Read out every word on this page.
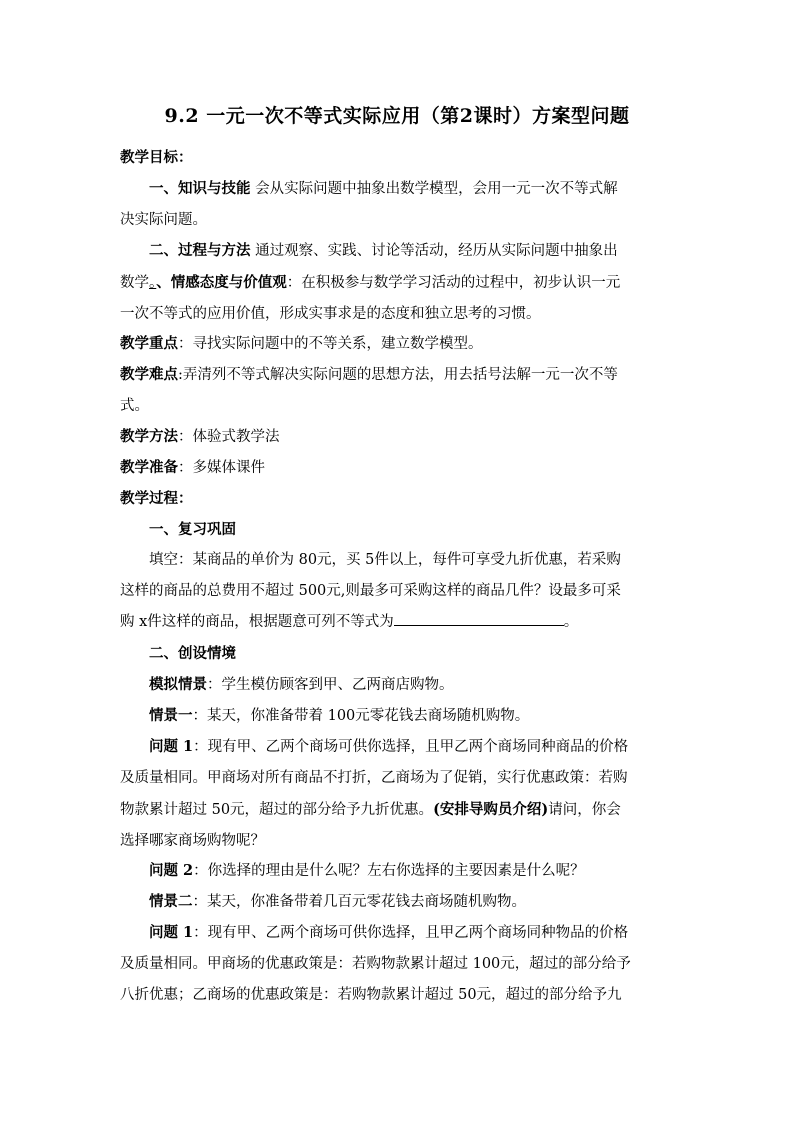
9.2 一元一次不等式实际应用（第2课时）方案型问题
教学目标：
一、知识与技能 会从实际问题中抽象出数学模型，会用一元一次不等式解
决实际问题。
二、过程与方法 通过观察、实践、讨论等活动，经历从实际问题中抽象出
数学。、情感态度与价值观：在积极参与数学学习活动的过程中，初步认识一元
一次不等式的应用价值，形成实事求是的态度和独立思考的习惯。
教学重点：寻找实际问题中的不等关系，建立数学模型。
教学难点:弄清列不等式解决实际问题的思想方法，用去括号法解一元一次不等
式。
教学方法：体验式教学法
教学准备：多媒体课件
教学过程：
一、复习巩固
填空：某商品的单价为 80元，买 5件以上，每件可享受九折优惠，若采购
这样的商品的总费用不超过 500元,则最多可采购这样的商品几件？设最多可采
购 x件这样的商品，根据题意可列不等式为	。
二、创设情境
模拟情景：学生模仿顾客到甲、乙两商店购物。
情景一：某天，你准备带着 100元零花钱去商场随机购物。
问题 1：现有甲、乙两个商场可供你选择，且甲乙两个商场同种商品的价格
及质量相同。甲商场对所有商品不打折，乙商场为了促销，实行优惠政策：若购
物款累计超过 50元，超过的部分给予九折优惠。(安排导购员介绍)请问，你会
选择哪家商场购物呢？
问题 2：你选择的理由是什么呢？左右你选择的主要因素是什么呢？
情景二：某天，你准备带着几百元零花钱去商场随机购物。
问题 1：现有甲、乙两个商场可供你选择，且甲乙两个商场同种物品的价格
及质量相同。甲商场的优惠政策是：若购物款累计超过 100元，超过的部分给予
八折优惠；乙商场的优惠政策是：若购物款累计超过 50元，超过的部分给予九
